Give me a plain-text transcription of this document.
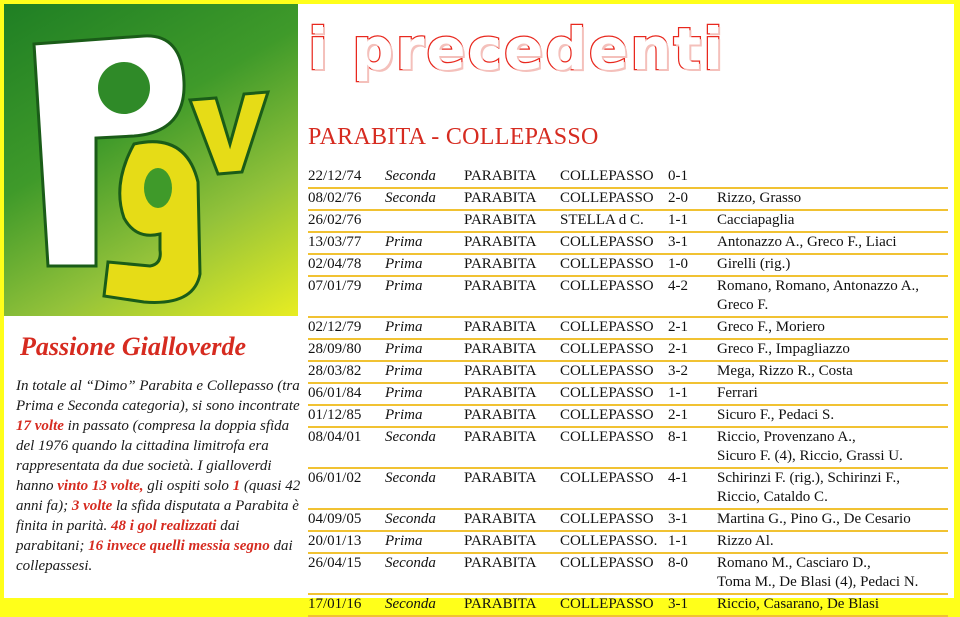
i precedenti
PARABITA - COLLEPASSO
Passione Gialloverde

In totale al “Dimo” Parabita e Collepasso (tra Prima e Seconda categoria), si sono incontrate 17 volte in passato (compresa la doppia sfida del 1976 quando la cittadina limitrofa era rappresentata da due società. I gialloverdi hanno vinto 13 volte, gli ospiti solo 1 (quasi 42 anni fa); 3 volte la sfida disputata a Parabita è finita in parità. 48 i gol realizzati dai parabitani; 16 invece quelli messia segno dai collepassesi.

22/12/74 Seconda PARABITA COLLEPASSO 0-1
08/02/76 Seconda PARABITA COLLEPASSO 2-0 Rizzo, Grasso
26/02/76	PARABITA STELLA d C. 1-1 Cacciapaglia
13/03/77 Prima	PARABITA COLLEPASSO 3-1 Antonazzo A., Greco F., Liaci
02/04/78 Prima	PARABITA COLLEPASSO 1-0 Girelli (rig.)
07/01/79 Prima	PARABITA COLLEPASSO 4-2 Romano, Romano, Antonazzo A.,
Greco F.
02/12/79 Prima	PARABITA COLLEPASSO 2-1 Greco F., Moriero
28/09/80 Prima	PARABITA COLLEPASSO 2-1 Greco F., Impagliazzo
28/03/82 Prima	PARABITA COLLEPASSO 3-2 Mega, Rizzo R., Costa
06/01/84 Prima	PARABITA COLLEPASSO 1-1 Ferrari
01/12/85 Prima	PARABITA COLLEPASSO 2-1 Sicuro F., Pedaci S.
08/04/01 Seconda PARABITA COLLEPASSO 8-1 Riccio, Provenzano A.,
Sicuro F. (4), Riccio, Grassi U.
06/01/02 Seconda PARABITA COLLEPASSO 4-1 Schirinzi F. (rig.), Schirinzi F.,
Riccio, Cataldo C.
04/09/05 Seconda PARABITA COLLEPASSO 3-1 Martina G., Pino G., De Cesario
20/01/13 Prima	PARABITA COLLEPASSO. 1-1 Rizzo Al.
26/04/15 Seconda PARABITA COLLEPASSO 8-0 Romano M., Casciaro D.,
Toma M., De Blasi (4), Pedaci N.
17/01/16 Seconda PARABITA COLLEPASSO 3-1 Riccio, Casarano, De Blasi
